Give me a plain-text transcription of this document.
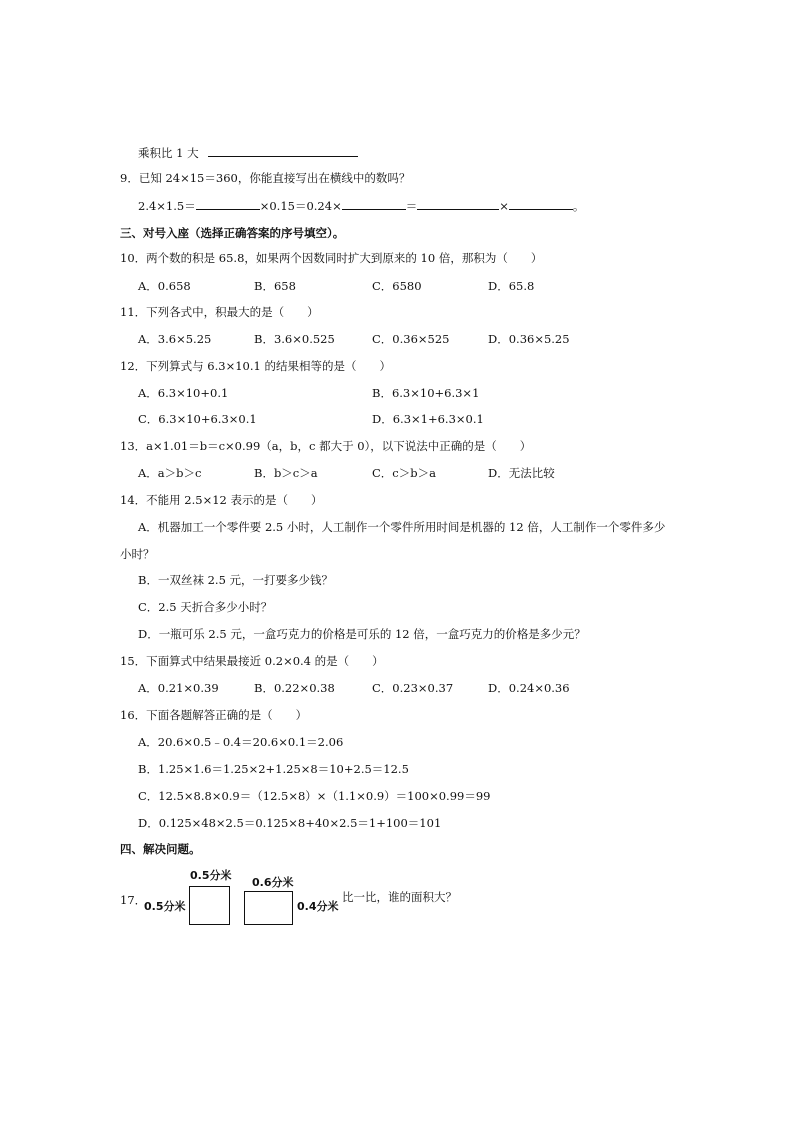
乘积比 1 大
9．已知 24×15＝360，你能直接写出在横线中的数吗？
2.4×1.5＝	×0.15＝0.24×	＝	×	。
三、对号入座（选择正确答案的序号填空）。
10．两个数的积是 65.8，如果两个因数同时扩大到原来的 10 倍，那积为（　　）
A．0.658	B．658	C．6580	D．65.8
11．下列各式中，积最大的是（　　）
A．3.6×5.25	B．3.6×0.525	C．0.36×525	D．0.36×5.25
12．下列算式与 6.3×10.1 的结果相等的是（　　）
A．6.3×10+0.1	B．6.3×10+6.3×1
C．6.3×10+6.3×0.1	D．6.3×1+6.3×0.1
13．a×1.01＝b＝c×0.99（a，b，c 都大于 0），以下说法中正确的是（　　）
A．a＞b＞c	B．b＞c＞a	C．c＞b＞a	D．无法比较
14．不能用 2.5×12 表示的是（　　）
A．机器加工一个零件要 2.5 小时，人工制作一个零件所用时间是机器的 12 倍，人工制作一个零件多少
小时？
B．一双丝袜 2.5 元，一打要多少钱？
C．2.5 天折合多少小时？
D．一瓶可乐 2.5 元，一盒巧克力的价格是可乐的 12 倍，一盒巧克力的价格是多少元？
15．下面算式中结果最接近 0.2×0.4 的是（　　）
A．0.21×0.39	B．0.22×0.38	C．0.23×0.37	D．0.24×0.36
16．下面各题解答正确的是（　　）
A．20.6×0.5﹣0.4＝20.6×0.1＝2.06
B．1.25×1.6＝1.25×2+1.25×8＝10+2.5＝12.5
C．12.5×8.8×0.9＝（12.5×8）×（1.1×0.9）＝100×0.99＝99
D．0.125×48×2.5＝0.125×8+40×2.5＝1+100＝101
四、解决问题。
17．
0.5分米
0.5分米
0.6分米
0.4分米
比一比，谁的面积大？
